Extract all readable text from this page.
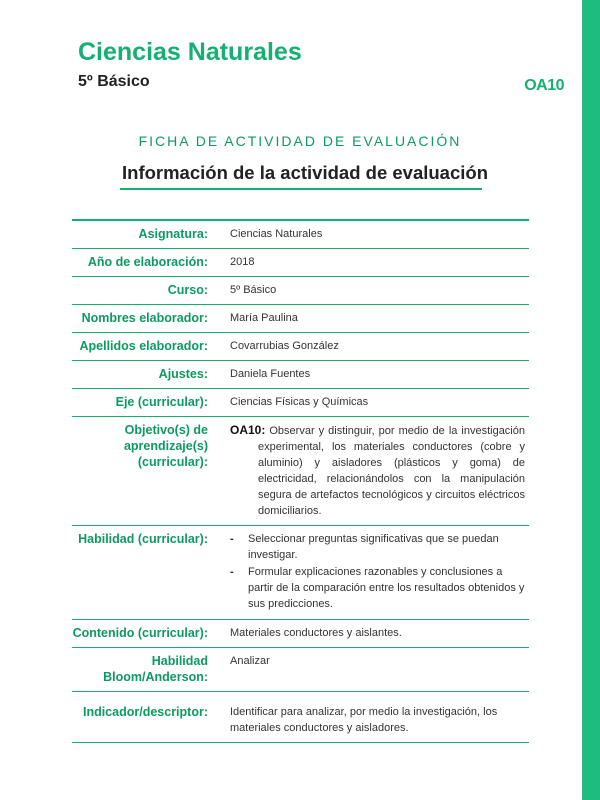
Ciencias Naturales
5º Básico	OA10
FICHA DE ACTIVIDAD DE EVALUACIÓN
Información de la actividad de evaluación
Asignatura:	Ciencias Naturales
Año de elaboración:	2018
Curso:	5º Básico
Nombres elaborador:	María Paulina
Apellidos elaborador:	Covarrubias González
Ajustes:	Daniela Fuentes
Eje (curricular):	Ciencias Físicas y Químicas
Objetivo(s) de aprendizaje(s) (curricular):
OA10: Observar y distinguir, por medio de la investigación experimental, los materiales conductores (cobre y aluminio) y aisladores (plásticos y goma) de electricidad, relacionándolos con la manipulación segura de artefactos tecnológicos y circuitos eléctricos domiciliarios.
Habilidad (curricular):	- Seleccionar preguntas significativas que se puedan investigar.
- Formular explicaciones razonables y conclusiones a partir de la comparación entre los resultados obtenidos y sus predicciones.
Contenido (curricular):	Materiales conductores y aislantes.
Habilidad Bloom/Anderson:
Analizar
Indicador/descriptor:	Identificar para analizar, por medio la investigación, los materiales conductores y aisladores.
